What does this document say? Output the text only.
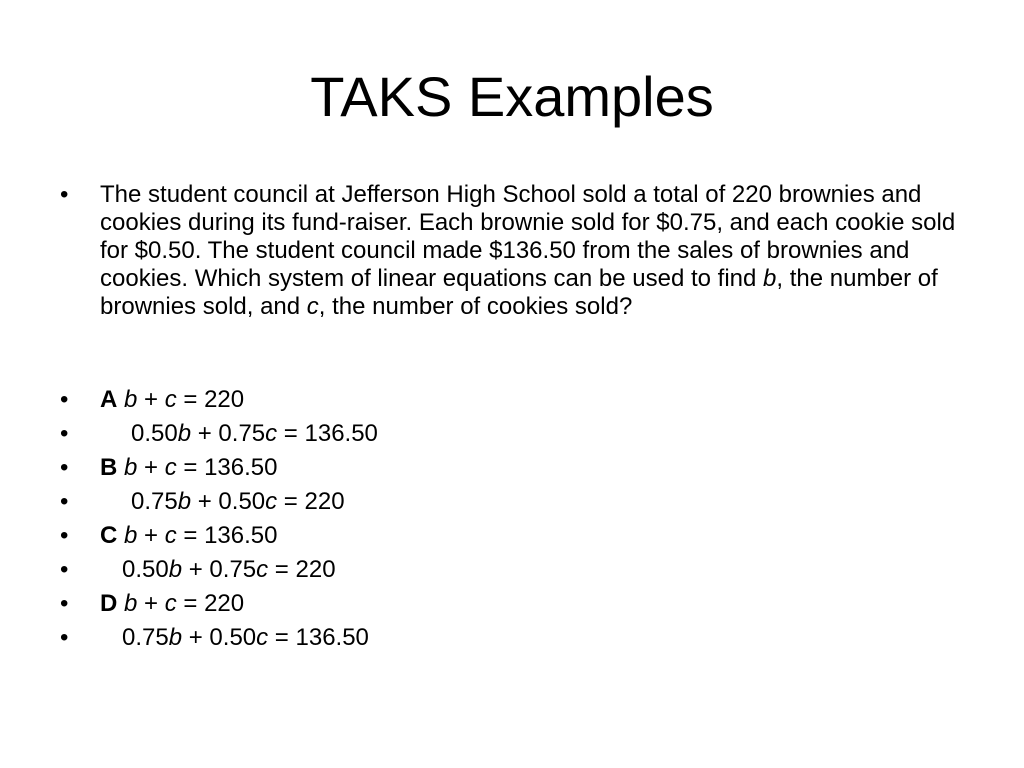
TAKS Examples
•	The student council at Jefferson High School sold a total of 220 brownies and cookies during its fund-raiser. Each brownie sold for $0.75, and each cookie sold for $0.50. The student council made $136.50 from the sales of brownies and cookies. Which system of linear equations can be used to find b, the number of brownies sold, and c, the number of cookies sold?
•	A b + c = 220
•	0.50b + 0.75c = 136.50
•	B b + c = 136.50
•	0.75b + 0.50c = 220
•	C b + c = 136.50
•	0.50b + 0.75c = 220
•	D b + c = 220
•	0.75b + 0.50c = 136.50
